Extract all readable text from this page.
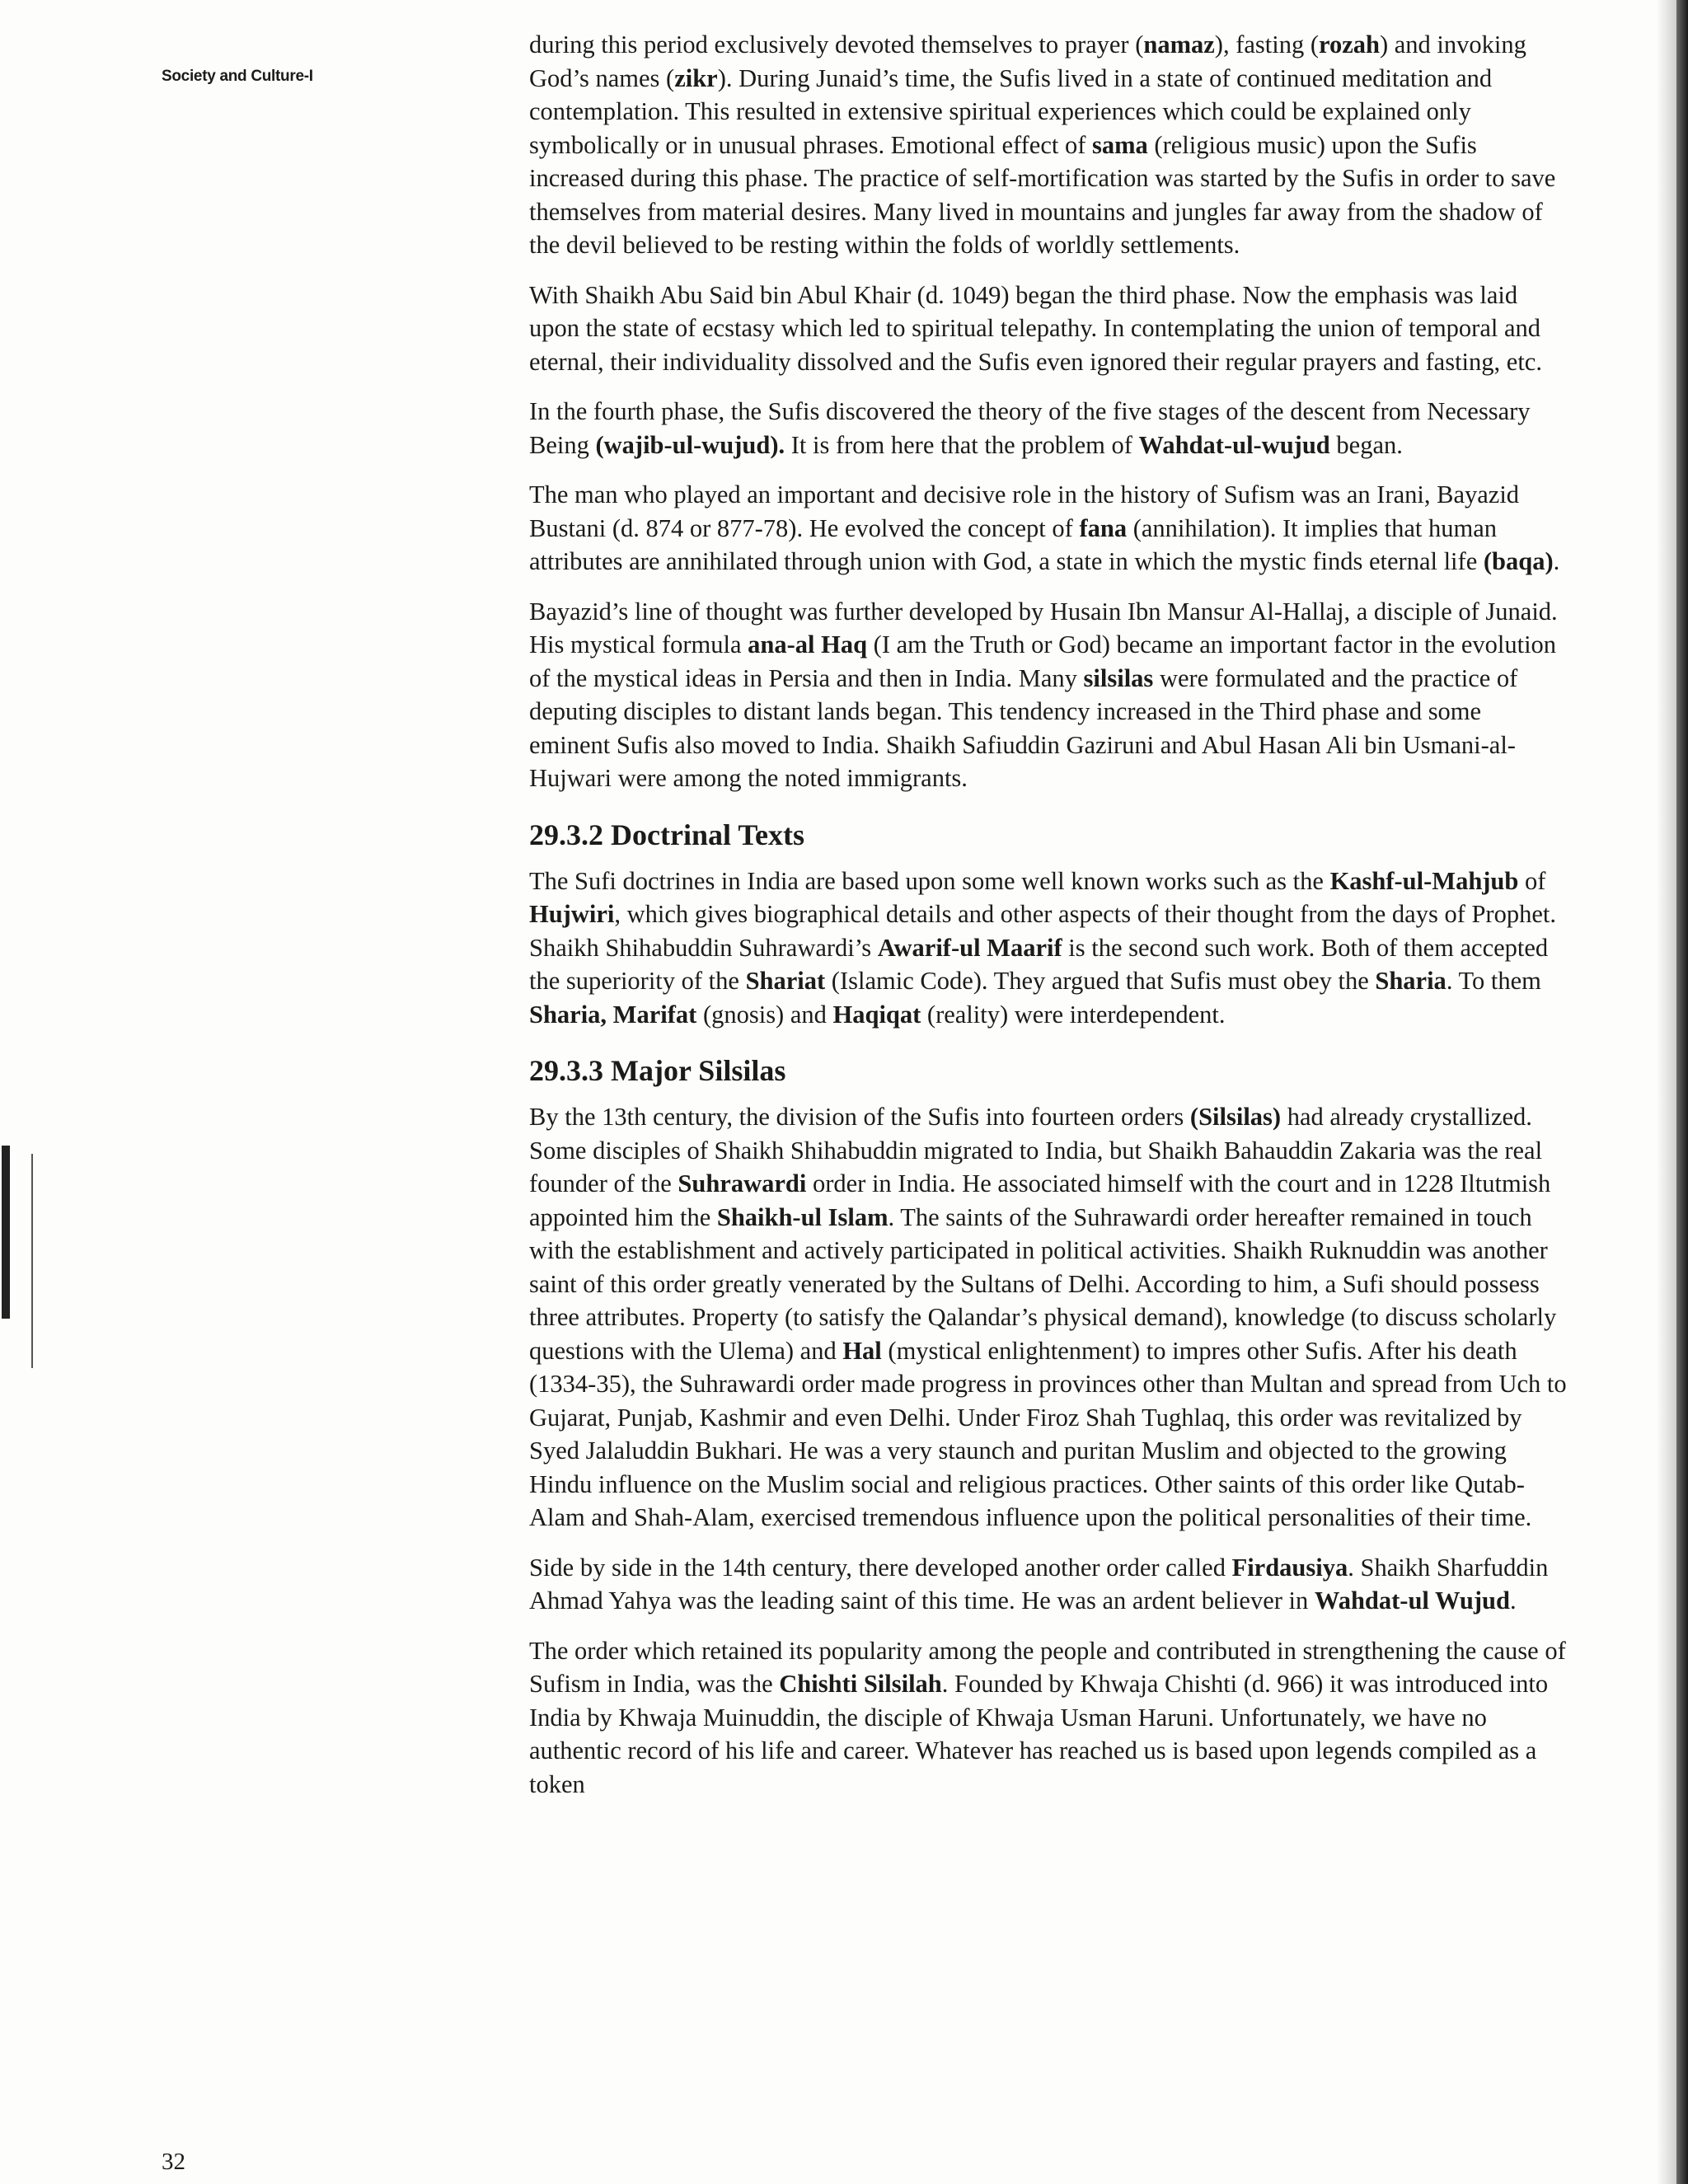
Society and Culture-I

during this period exclusively devoted themselves to prayer (namaz), fasting (rozah) and invoking God’s names (zikr). During Junaid’s time, the Sufis lived in a state of continued meditation and contemplation. This resulted in extensive spiritual experiences which could be explained only symbolically or in unusual phrases. Emotional effect of sama (religious music) upon the Sufis increased during this phase. The practice of self-mortification was started by the Sufis in order to save themselves from material desires. Many lived in mountains and jungles far away from the shadow of the devil believed to be resting within the folds of worldly settlements.

With Shaikh Abu Said bin Abul Khair (d. 1049) began the third phase. Now the emphasis was laid upon the state of ecstasy which led to spiritual telepathy. In contemplating the union of temporal and eternal, their individuality dissolved and the Sufis even ignored their regular prayers and fasting, etc.

In the fourth phase, the Sufis discovered the theory of the five stages of the descent from Necessary Being (wajib-ul-wujud). It is from here that the problem of Wahdat-ul-wujud began.

The man who played an important and decisive role in the history of Sufism was an Irani, Bayazid Bustani (d. 874 or 877-78). He evolved the concept of fana (annihilation). It implies that human attributes are annihilated through union with God, a state in which the mystic finds eternal life (baqa).

Bayazid’s line of thought was further developed by Husain Ibn Mansur Al-Hallaj, a disciple of Junaid. His mystical formula ana-al Haq (I am the Truth or God) became an important factor in the evolution of the mystical ideas in Persia and then in India. Many silsilas were formulated and the practice of deputing disciples to distant lands began. This tendency increased in the Third phase and some eminent Sufis also moved to India. Shaikh Safiuddin Gaziruni and Abul Hasan Ali bin Usmani-al-Hujwari were among the noted immigrants.

29.3.2 Doctrinal Texts

The Sufi doctrines in India are based upon some well known works such as the Kashf-ul-Mahjub of Hujwiri, which gives biographical details and other aspects of their thought from the days of Prophet. Shaikh Shihabuddin Suhrawardi’s Awarif-ul Maarif is the second such work. Both of them accepted the superiority of the Shariat (Islamic Code). They argued that Sufis must obey the Sharia. To them Sharia, Marifat (gnosis) and Haqiqat (reality) were interdependent.

29.3.3 Major Silsilas

By the 13th century, the division of the Sufis into fourteen orders (Silsilas) had already crystallized. Some disciples of Shaikh Shihabuddin migrated to India, but Shaikh Bahauddin Zakaria was the real founder of the Suhrawardi order in India. He associated himself with the court and in 1228 Iltutmish appointed him the Shaikh-ul Islam. The saints of the Suhrawardi order hereafter remained in touch with the establishment and actively participated in political activities. Shaikh Ruknuddin was another saint of this order greatly venerated by the Sultans of Delhi. According to him, a Sufi should possess three attributes. Property (to satisfy the Qalandar’s physical demand), knowledge (to discuss scholarly questions with the Ulema) and Hal (mystical enlightenment) to impres other Sufis. After his death (1334-35), the Suhrawardi order made progress in provinces other than Multan and spread from Uch to Gujarat, Punjab, Kashmir and even Delhi. Under Firoz Shah Tughlaq, this order was revitalized by Syed Jalaluddin Bukhari. He was a very staunch and puritan Muslim and objected to the growing Hindu influence on the Muslim social and religious practices. Other saints of this order like Qutab-Alam and Shah-Alam, exercised tremendous influence upon the political personalities of their time.

Side by side in the 14th century, there developed another order called Firdausiya. Shaikh Sharfuddin Ahmad Yahya was the leading saint of this time. He was an ardent believer in Wahdat-ul Wujud.

The order which retained its popularity among the people and contributed in strengthening the cause of Sufism in India, was the Chishti Silsilah. Founded by Khwaja Chishti (d. 966) it was introduced into India by Khwaja Muinuddin, the disciple of Khwaja Usman Haruni. Unfortunately, we have no authentic record of his life and career. Whatever has reached us is based upon legends compiled as a token

32
